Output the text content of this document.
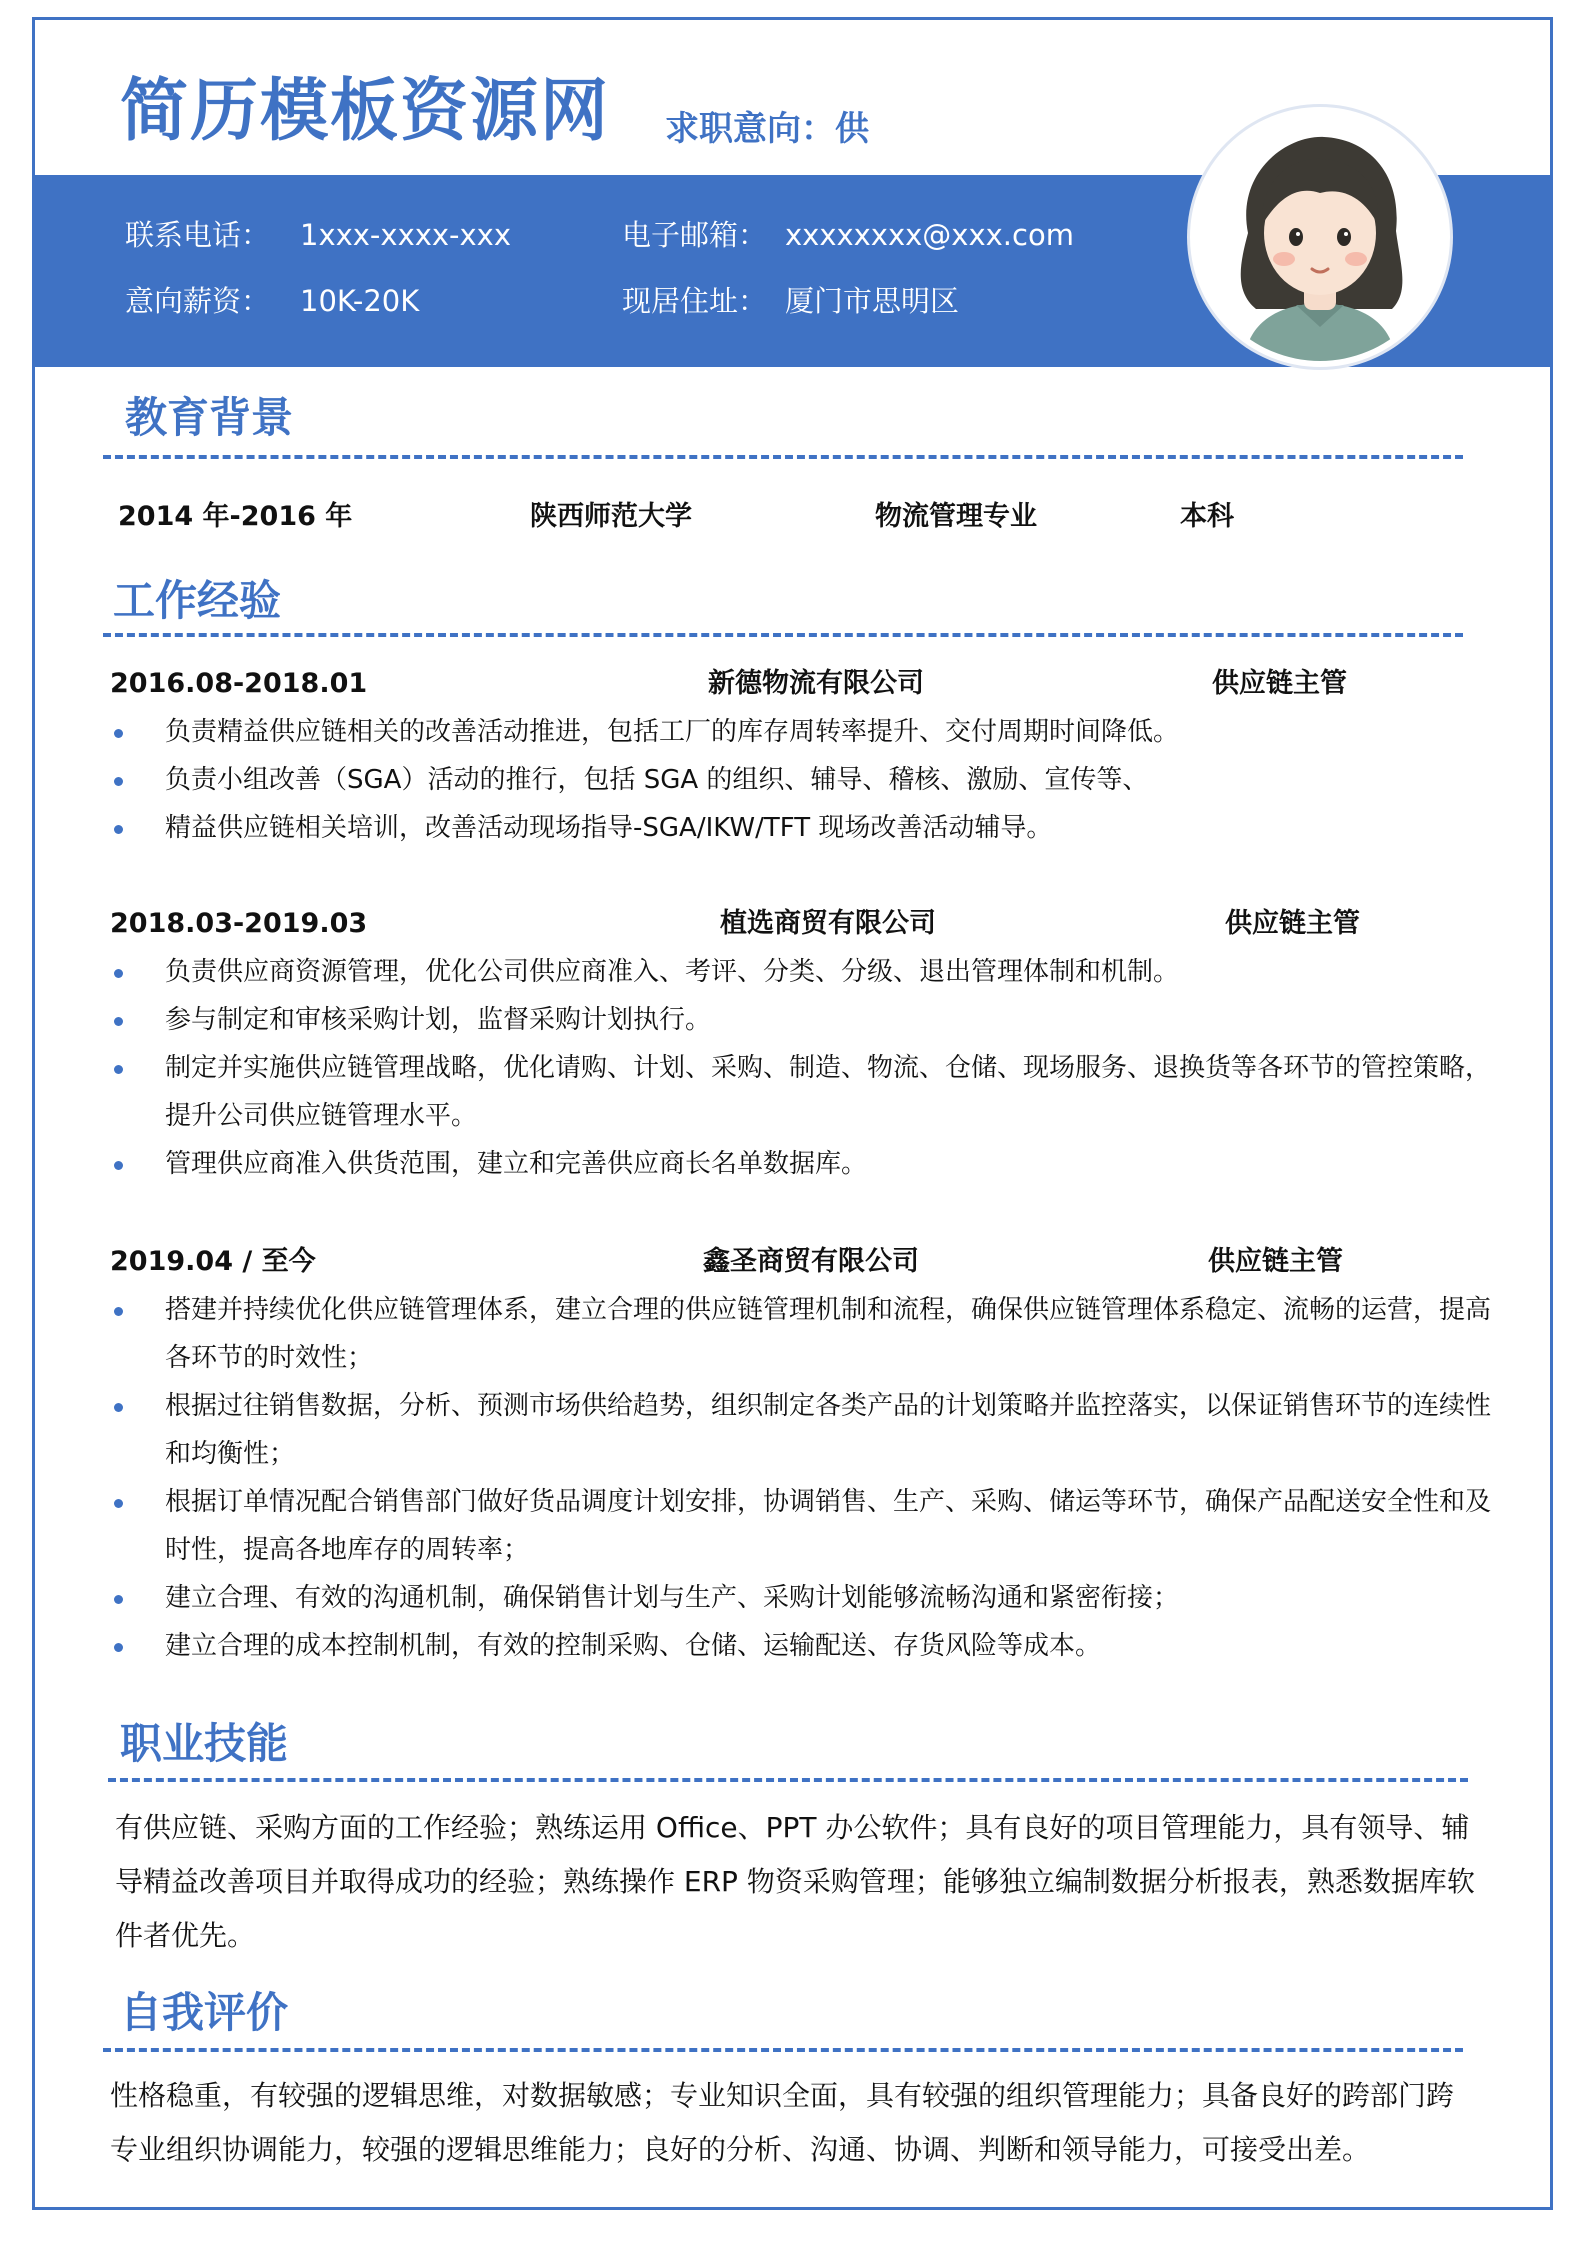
简历模板资源网 求职意向：供
联系电话： 1xxx-xxxx-xxx	电子邮箱： xxxxxxxx@xxx.com
意向薪资： 10K-20K	现居住址： 厦门市思明区
教育背景
2014 年-2016 年	陕西师范大学	物流管理专业	本科
工作经验
2016.08-2018.01	新德物流有限公司	供应链主管
负责精益供应链相关的改善活动推进，包括工厂的库存周转率提升、交付周期时间降低。
负责小组改善（SGA）活动的推行，包括 SGA 的组织、辅导、稽核、激励、宣传等、
精益供应链相关培训，改善活动现场指导-SGA/IKW/TFT 现场改善活动辅导。
2018.03-2019.03	植选商贸有限公司	供应链主管
负责供应商资源管理，优化公司供应商准入、考评、分类、分级、退出管理体制和机制。
参与制定和审核采购计划，监督采购计划执行。
制定并实施供应链管理战略，优化请购、计划、采购、制造、物流、仓储、现场服务、退换货等各环节的管控策略，提升公司供应链管理水平。
管理供应商准入供货范围，建立和完善供应商长名单数据库。
2019.04 / 至今	鑫圣商贸有限公司	供应链主管
搭建并持续优化供应链管理体系，建立合理的供应链管理机制和流程，确保供应链管理体系稳定、流畅的运营，提高各环节的时效性；
根据过往销售数据，分析、预测市场供给趋势，组织制定各类产品的计划策略并监控落实，以保证销售环节的连续性和均衡性；
根据订单情况配合销售部门做好货品调度计划安排，协调销售、生产、采购、储运等环节，确保产品配送安全性和及时性，提高各地库存的周转率；
建立合理、有效的沟通机制，确保销售计划与生产、采购计划能够流畅沟通和紧密衔接；
建立合理的成本控制机制，有效的控制采购、仓储、运输配送、存货风险等成本。
职业技能
有供应链、采购方面的工作经验；熟练运用 Office、PPT 办公软件；具有良好的项目管理能力，具有领导、辅导精益改善项目并取得成功的经验；熟练操作 ERP 物资采购管理；能够独立编制数据分析报表，熟悉数据库软件者优先。
自我评价
性格稳重，有较强的逻辑思维，对数据敏感；专业知识全面，具有较强的组织管理能力；具备良好的跨部门跨专业组织协调能力，较强的逻辑思维能力；良好的分析、沟通、协调、判断和领导能力，可接受出差。
